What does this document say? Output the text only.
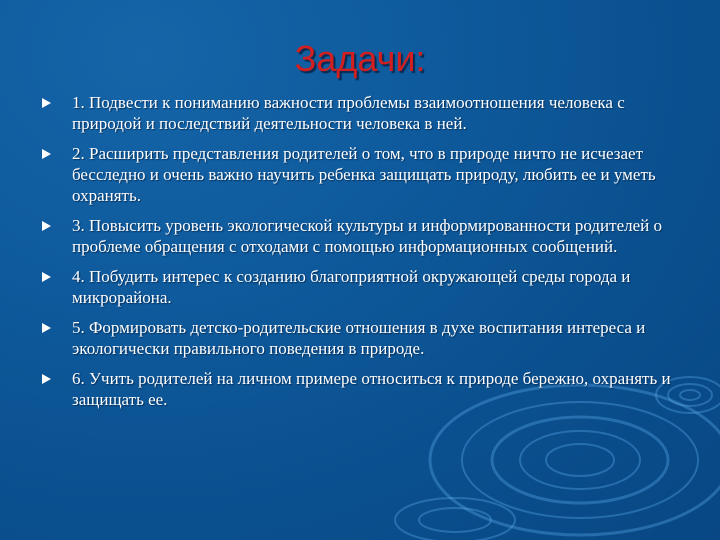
Задачи:
1. Подвести к пониманию важности проблемы взаимоотношения человека с природой и последствий деятельности человека в ней.
2. Расширить представления родителей о том, что в природе ничто не исчезает бесследно и очень важно научить ребенка защищать природу, любить ее и уметь охранять.
3. Повысить уровень экологической культуры и информированности родителей о проблеме обращения с отходами с помощью информационных сообщений.
4. Побудить интерес к созданию благоприятной окружающей среды города и микрорайона.
5. Формировать детско-родительские отношения в духе воспитания интереса и экологически правильного поведения в природе.
6. Учить родителей на личном примере относиться к природе бережно, охранять и защищать ее.
